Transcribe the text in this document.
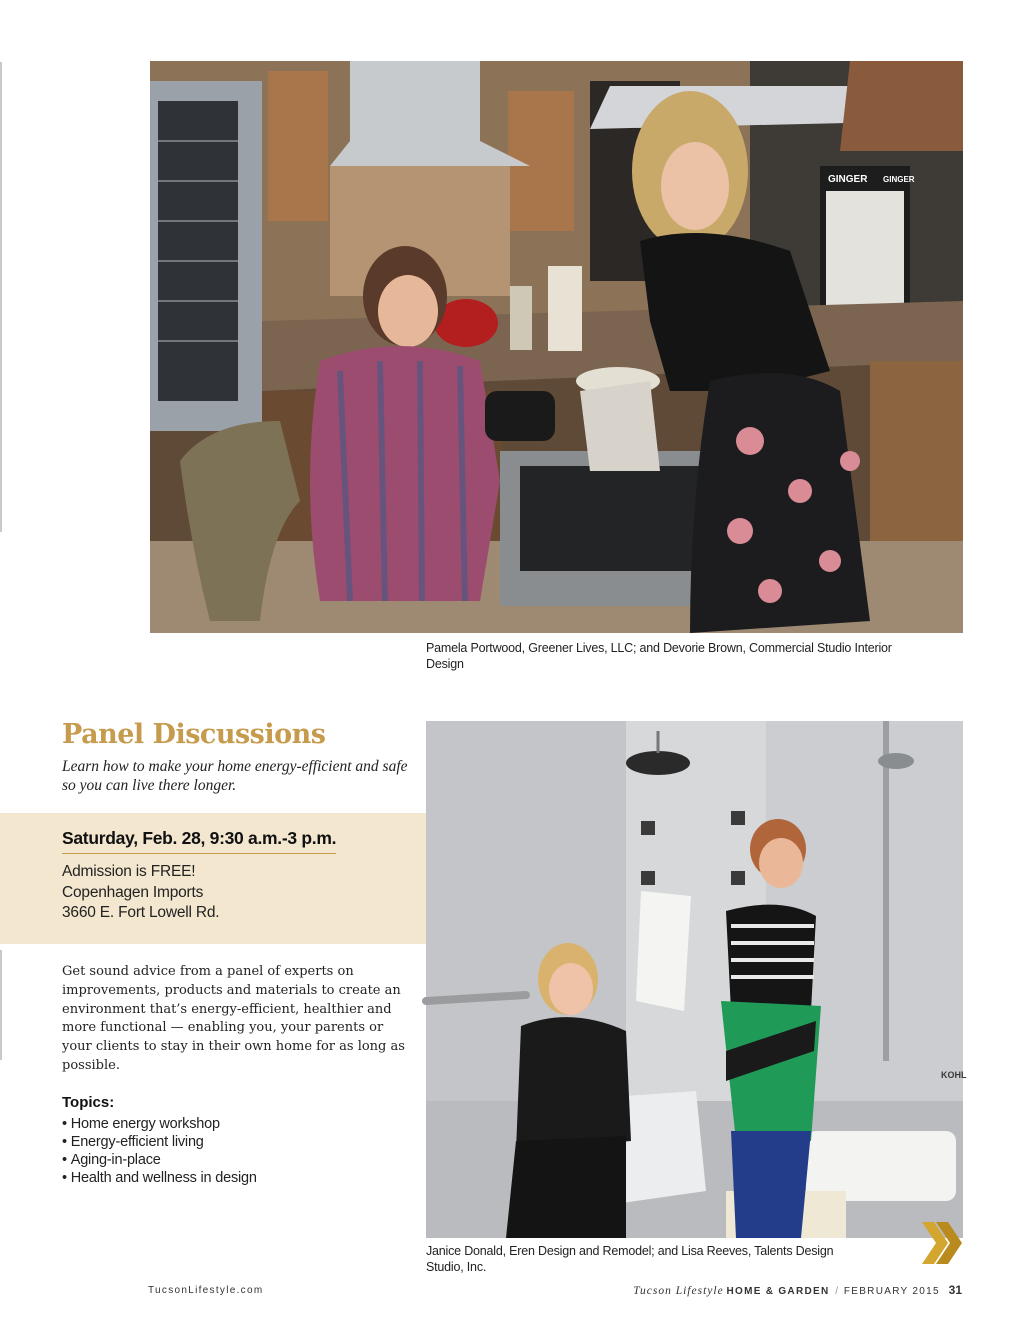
GINGER GINGER
Pamela Portwood, Greener Lives, LLC; and Devorie Brown, Commercial Studio Interior Design
Panel Discussions
Learn how to make your home energy-efficient and safe so you can live there longer.
Saturday, Feb. 28, 9:30 a.m.-3 p.m.
Admission is FREE!
Copenhagen Imports
3660 E. Fort Lowell Rd.
Get sound advice from a panel of experts on improvements, products and materials to create an environment that’s energy-efficient, healthier and more functional — enabling you, your parents or your clients to stay in their own home for as long as possible.
Topics:
• Home energy workshop
• Energy-efficient living
• Aging-in-place
• Health and wellness in design
KOHL
Janice Donald, Eren Design and Remodel; and Lisa Reeves, Talents Design Studio, Inc.
TucsonLifestyle.com	Tucson Lifestyle HOME & GARDEN / FEBRUARY 2015 31
